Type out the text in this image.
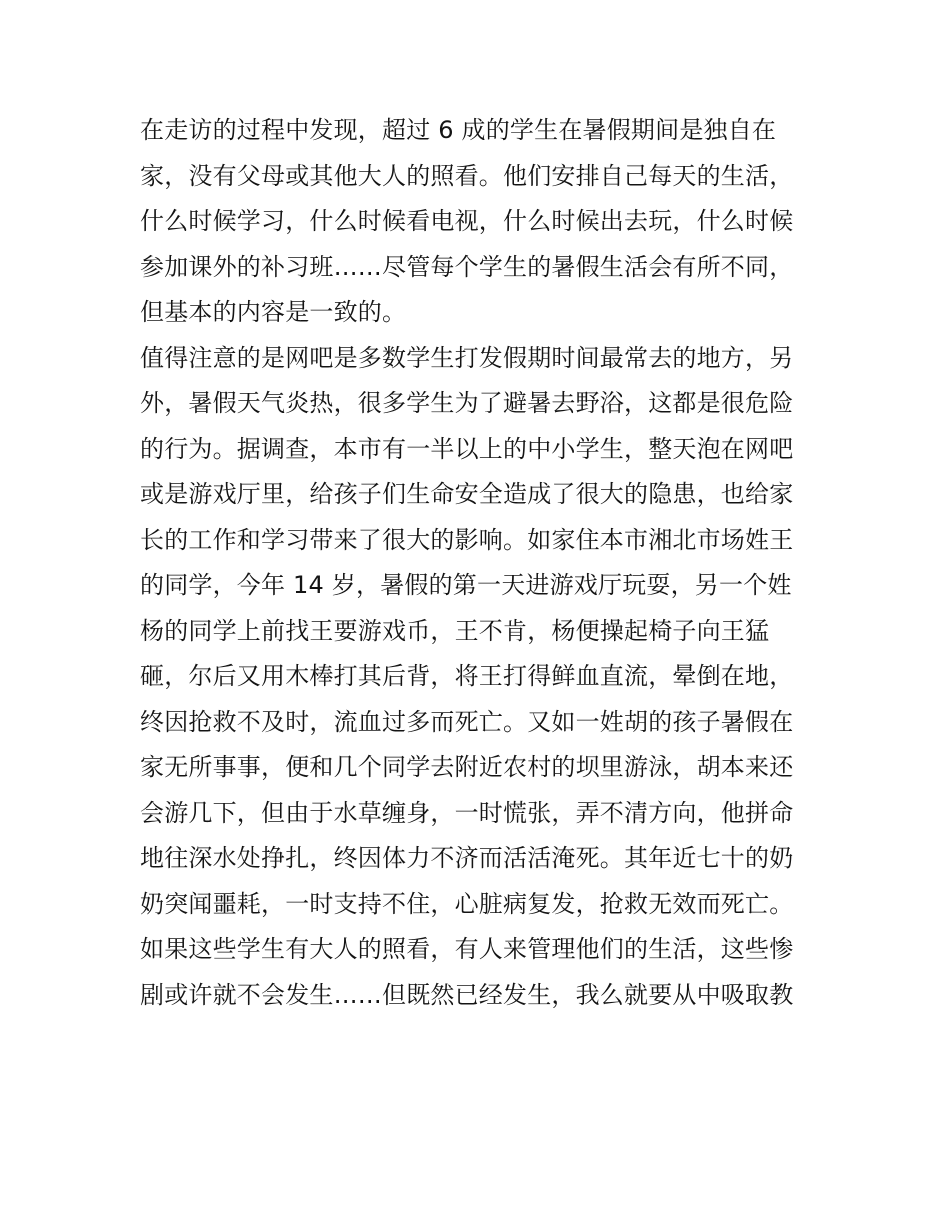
在走访的过程中发现，超过 6 成的学生在暑假期间是独自在
家，没有父母或其他大人的照看。他们安排自己每天的生活，
什么时候学习，什么时候看电视，什么时候出去玩，什么时候
参加课外的补习班……尽管每个学生的暑假生活会有所不同，
但基本的内容是一致的。
值得注意的是网吧是多数学生打发假期时间最常去的地方，另
外，暑假天气炎热，很多学生为了避暑去野浴，这都是很危险
的行为。据调查，本市有一半以上的中小学生，整天泡在网吧
或是游戏厅里，给孩子们生命安全造成了很大的隐患，也给家
长的工作和学习带来了很大的影响。如家住本市湘北市场姓王
的同学，今年 14 岁，暑假的第一天进游戏厅玩耍，另一个姓
杨的同学上前找王要游戏币，王不肯，杨便操起椅子向王猛
砸，尔后又用木棒打其后背，将王打得鲜血直流，晕倒在地，
终因抢救不及时，流血过多而死亡。又如一姓胡的孩子暑假在
家无所事事，便和几个同学去附近农村的坝里游泳，胡本来还
会游几下，但由于水草缠身，一时慌张，弄不清方向，他拼命
地往深水处挣扎，终因体力不济而活活淹死。其年近七十的奶
奶突闻噩耗，一时支持不住，心脏病复发，抢救无效而死亡。
如果这些学生有大人的照看，有人来管理他们的生活，这些惨
剧或许就不会发生……但既然已经发生，我么就要从中吸取教
